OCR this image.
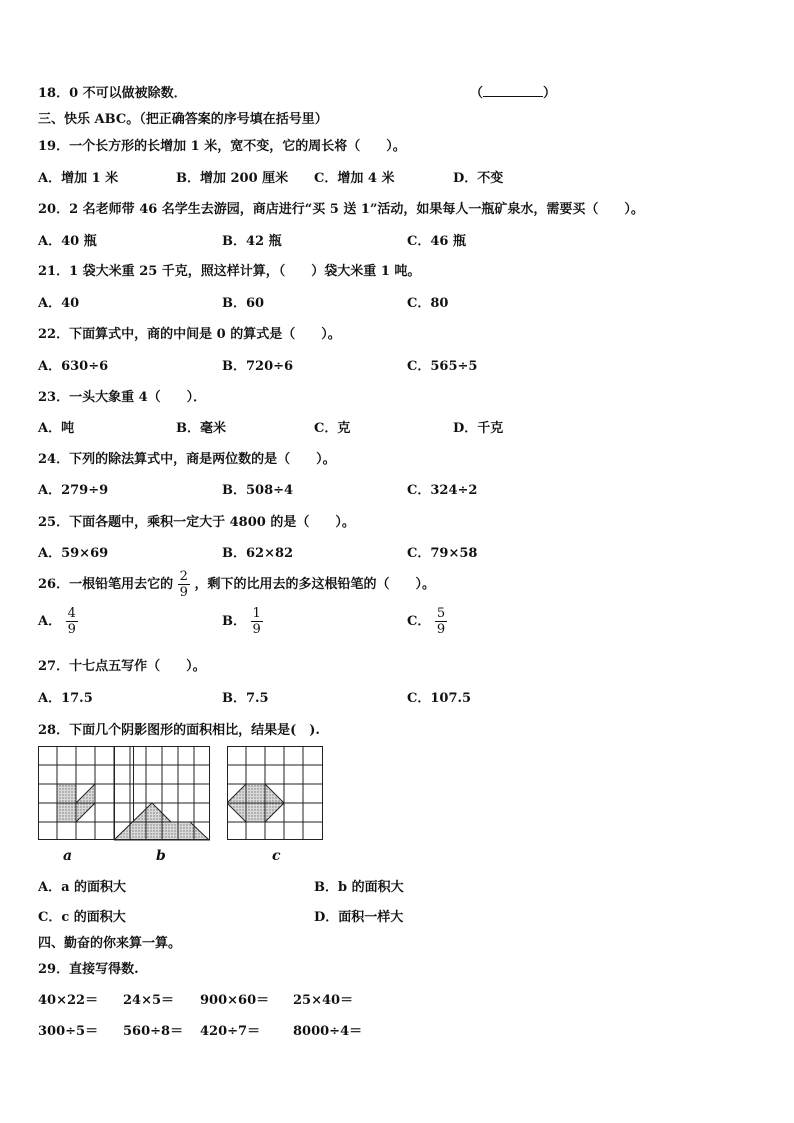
18．0 不可以做被除数．	（	）
三、快乐 ABC。（把正确答案的序号填在括号里）
19．一个长方形的长增加 1 米，宽不变，它的周长将（　　）。
A．增加 1 米	B．增加 200 厘米 C．增加 4 米	D．不变
20．2 名老师带 46 名学生去游园，商店进行“买 5 送 1”活动，如果每人一瓶矿泉水，需要买（　　）。
A．40 瓶	B．42 瓶	C．46 瓶
21．1 袋大米重 25 千克，照这样计算，（　　）袋大米重 1 吨。
A．40	B．60	C．80
22．下面算式中，商的中间是 0 的算式是（　　）。
A．630÷6	B．720÷6	C．565÷5
23．一头大象重 4（　　）．
A．吨	B．毫米	C．克	D．千克
24．下列的除法算式中，商是两位数的是（　　）。
A．279÷9	B．508÷4	C．324÷2
25．下面各题中，乘积一定大于 4800 的是（　　）。
A．59×69	B．62×82	C．79×58
26．一根铅笔用去它的 $\frac{2}{9}$ ，剩下的比用去的多这根铅笔的（　　）。
A． $\frac{4}{9}$	B． $\frac{1}{9}$	C． $\frac{5}{9}$
27．十七点五写作（　　）。
A．17.5	B．7.5	C．107.5
28．下面几个阴影图形的面积相比，结果是(　).
a	b	c
A．a 的面积大	B．b 的面积大
C．c 的面积大	D．面积一样大
四、勤奋的你来算一算。
29．直接写得数.
40×22＝ 24×5＝ 900×60＝ 25×40＝
300÷5＝ 560÷8＝ 420÷7＝	8000÷4＝
